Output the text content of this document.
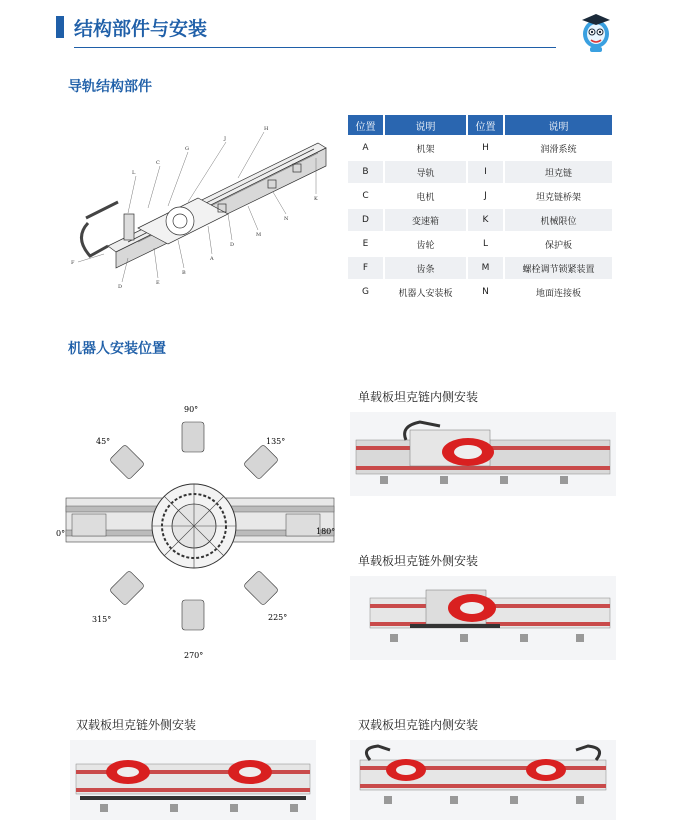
结构部件与安装
导轨结构部件
L
C
G
J
H
K
N
M
D
A
B
E
D
F
位置	说明	位置	说明
A	机架	H	润滑系统
B	导轨	I	坦克链
C	电机	J	坦克链桥架
D	变速箱	K	机械限位
E	齿轮	L	保护板
F	齿条	M	螺栓调节锁紧装置
G	机器人安装板	N	地面连接板
机器人安装位置
90°
45°	135°
0°	180°
315°	225°
270°
单载板坦克链内侧安装
单载板坦克链外侧安装
双载板坦克链外侧安装	双载板坦克链内侧安装
